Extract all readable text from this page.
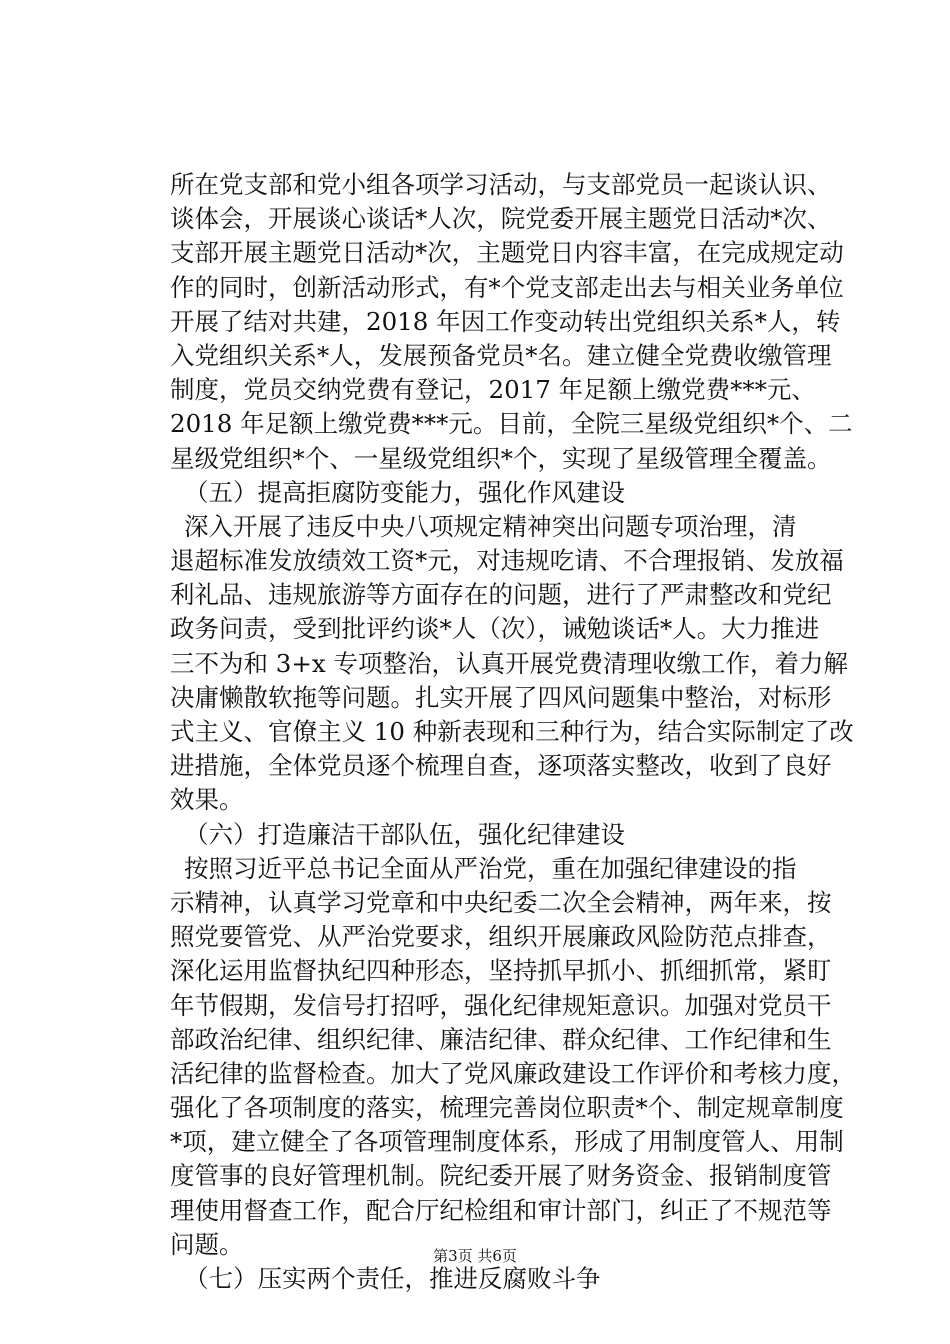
所在党支部和党小组各项学习活动，与支部党员一起谈认识、
谈体会，开展谈心谈话*人次，院党委开展主题党日活动*次、
支部开展主题党日活动*次，主题党日内容丰富，在完成规定动
作的同时，创新活动形式，有*个党支部走出去与相关业务单位
开展了结对共建，2018 年因工作变动转出党组织关系*人，转
入党组织关系*人，发展预备党员*名。建立健全党费收缴管理
制度，党员交纳党费有登记，2017 年足额上缴党费***元、
2018 年足额上缴党费***元。目前，全院三星级党组织*个、二
星级党组织*个、一星级党组织*个，实现了星级管理全覆盖。
（五）提高拒腐防变能力，强化作风建设
深入开展了违反中央八项规定精神突出问题专项治理，清
退超标准发放绩效工资*元，对违规吃请、不合理报销、发放福
利礼品、违规旅游等方面存在的问题，进行了严肃整改和党纪
政务问责，受到批评约谈*人（次），诫勉谈话*人。大力推进
三不为和 3+x 专项整治，认真开展党费清理收缴工作，着力解
决庸懒散软拖等问题。扎实开展了四风问题集中整治，对标形
式主义、官僚主义 10 种新表现和三种行为，结合实际制定了改
进措施，全体党员逐个梳理自查，逐项落实整改，收到了良好
效果。
（六）打造廉洁干部队伍，强化纪律建设
按照习近平总书记全面从严治党，重在加强纪律建设的指
示精神，认真学习党章和中央纪委二次全会精神，两年来，按
照党要管党、从严治党要求，组织开展廉政风险防范点排查，
深化运用监督执纪四种形态，坚持抓早抓小、抓细抓常，紧盯
年节假期，发信号打招呼，强化纪律规矩意识。加强对党员干
部政治纪律、组织纪律、廉洁纪律、群众纪律、工作纪律和生
活纪律的监督检查。加大了党风廉政建设工作评价和考核力度，
强化了各项制度的落实，梳理完善岗位职责*个、制定规章制度
*项，建立健全了各项管理制度体系，形成了用制度管人、用制
度管事的良好管理机制。院纪委开展了财务资金、报销制度管
理使用督查工作，配合厅纪检组和审计部门，纠正了不规范等
问题。
（七）压实两个责任，推进反腐败斗争
第3页 共6页
